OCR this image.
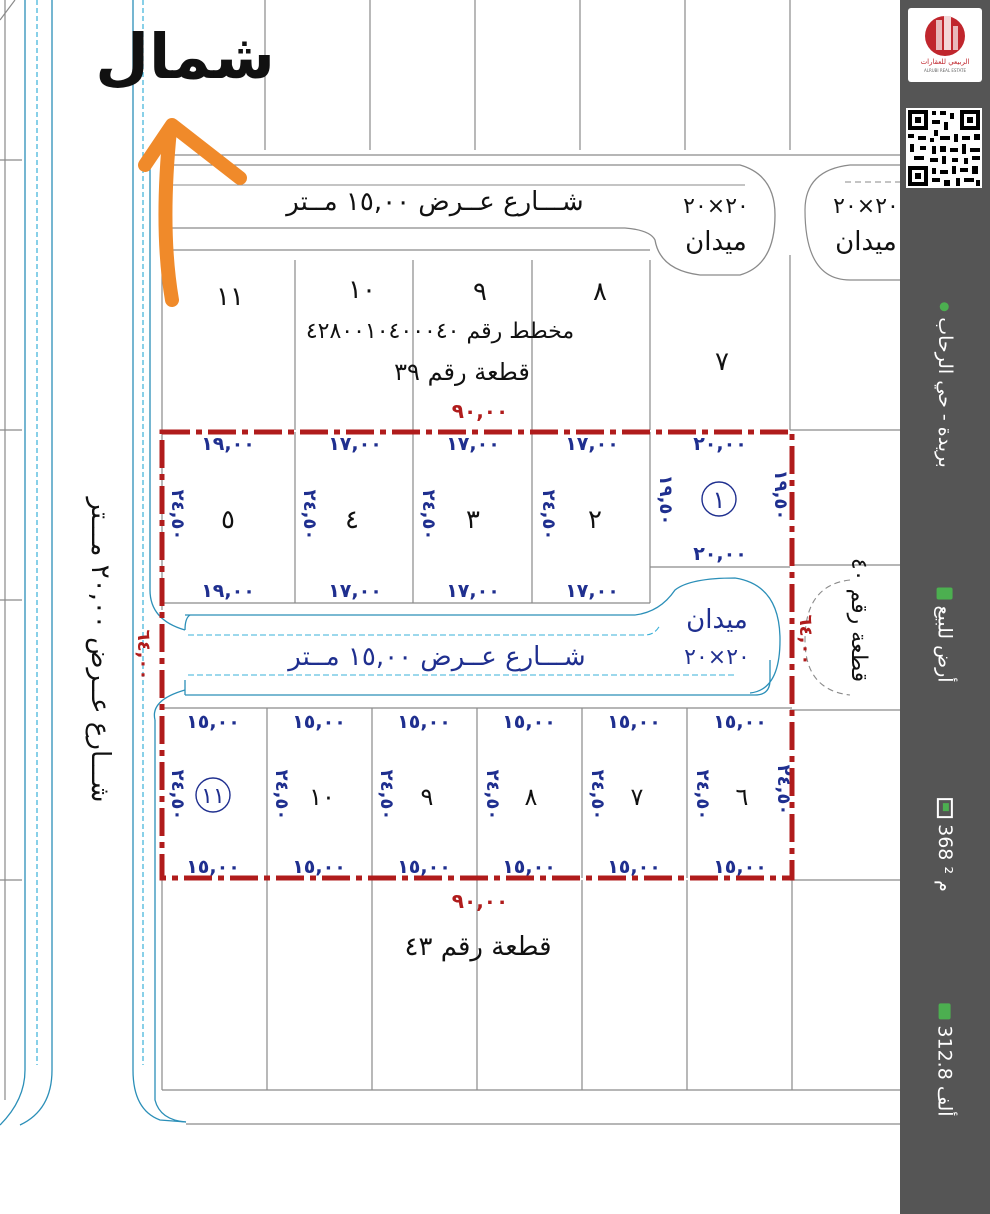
شمال
شـــارع عــرض ١٥,٠٠ مــتر
شـــارع عــرض ١٥,٠٠ مــتر
شـــارع عــرض ٢٠,٠٠ مـــتر
٢٠×٢٠
ميدان
٢٠×٢٠
ميدان
ميدان
٢٠×٢٠
١١	١٠	٩	٨
٧
مخطط رقم ٤٢٨٠٠١٠٤٠٠٠٤٠
قطعة رقم ٣٩
٩٠,٠٠
٩٠,٠٠
٦٤,٠٠	٦٤,٠٠
١٩,٠٠
١٩,٠٠
٢٤,٥٠ ٥
١٧,٠٠
١٧,٠٠
٢٤,٥٠ ٤
١٧,٠٠
١٧,٠٠
٢٤,٥٠ ٣
١٧,٠٠
١٧,٠٠
٢٤,٥٠ ٢
٢٠,٠٠
٢٠,٠٠
١٩,٥٠	١٩,٥٠
١
١٥,٠٠
١٥,٠٠
٢٤,٥٠ ١١
١٥,٠٠
١٥,٠٠
٢٤,٥٠ ١٠
١٥,٠٠
١٥,٠٠
٢٤,٥٠ ٩
١٥,٠٠
١٥,٠٠
٢٤,٥٠ ٨
١٥,٠٠
١٥,٠٠
٢٤,٥٠ ٧
١٥,٠٠
١٥,٠٠
٢٤,٥٠ ٦ ٢٤,٥٠
قطعة رقم ٤٣
قطعة رقم ٤٠
الربيعي للعقارات
ALRUBI REAL ESTATE
بريدة - حي الرحاب
أرض للبيع
368 م ²
312.8 ألف
